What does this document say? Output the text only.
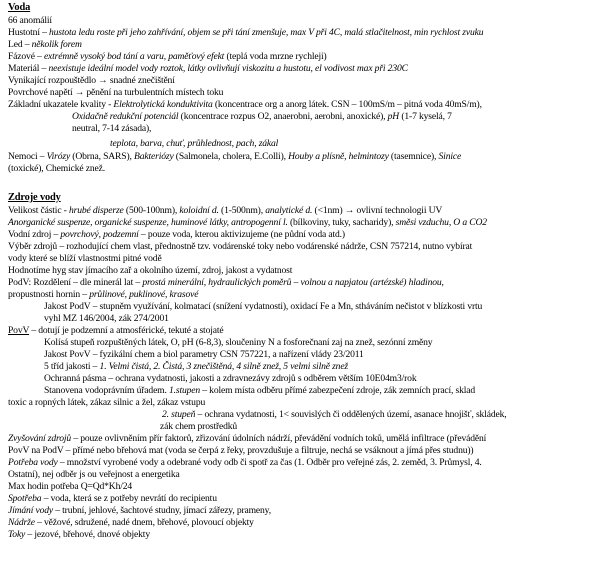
Voda
66 anomálií
Hustotní – hustota ledu roste při jeho zahřívání, objem se při tání zmenšuje, max V při 4C, malá stlačitelnost, min rychlost zvuku
Led – několik forem
Fázové – extrémně vysoký bod tání a varu, paměťový efekt (teplá voda mrzne rychleji)
Materiál – neexistuje ideální model vody roztok, látky ovlivňují viskozitu a hustotu, el vodivost max při 230C
Vynikající rozpouštědlo → snadné znečištění
Povrchové napětí → pěnění na turbulentních místech toku
Základní ukazatele kvality - Elektrolytická konduktivita (koncentrace org a anorg látek. CSN – 100mS/m – pitná voda 40mS/m),
Oxidačně redukční potenciál (koncentrace rozpus O2, anaerobni, aerobni, anoxické), pH (1-7 kyselá, 7
neutral, 7-14 zásada),
teplota, barva, chuť, průhlednost, pach, zákal
Nemoci – Virózy (Obrna, SARS), Bakteriózy (Salmonela, cholera, E.Colli), Houby a plísně, helmintozy (tasemnice), Sinice
(toxické), Chemické znež.
Zdroje vody
Velikost částic - hrubé disperze (500-100nm), koloidní d. (1-500nm), analytické d. (<1nm) → ovlivní technologii UV
Anorganické suspenze, organické suspenze, huminové látky, antropogenní l. (bílkoviny, tuky, sacharidy), směsi vzduchu, O a CO2
Vodní zdroj – povrchový, podzemní – pouze voda, kterou aktivizujeme (ne půdní voda atd.)
Výběr zdrojů – rozhodující chem vlast, přednostně tzv. vodárenské toky nebo vodárenské nádrže, CSN 757214, nutno vybírat
vody které se blíží vlastnostmi pitné vodě
Hodnotíme hyg stav jímacího zař a okolního území, zdroj, jakost a vydatnost
PodV: Rozdělení – dle minerál lat – prostá minerální, hydraulických poměrů – volnou a napjatou (artézské) hladinou,
propustnosti hornin – průlinové, puklinové, krasové
Jakost PodV – stupněm využívání, kolmatací (snížení vydatnosti), oxidací Fe a Mn, stháváním nečistot v blízkosti vrtu
vyhl MZ 146/2004, zák 274/2001
PovV – dotují je podzemní a atmosférické, tekuté a stojaté
Kolísá stupeň rozpuštěných látek, O, pH (6-8,3), sloučeniny N a fosforečnaní zaj na znež, sezónní změny
Jakost PovV – fyzikální chem a biol parametry CSN 757221, a nařízení vlády 23/2011
5 tříd jakosti – 1. Velmi čistá, 2. Čistá, 3 znečištěná, 4 silně znež, 5 velmi silně znež
Ochranná pásma – ochrana vydatnosti, jakosti a zdravnezávy zdrojů s odběrem větším 10E04m3/rok
Stanovena vodoprávním úřadem. 1.stupen – kolem místa odběru přímé zabezpečení zdroje, zák zemních prací, sklad
toxic a ropných látek, zákaz silnic a žel, zákaz vstupu
2. stupeň – ochrana vydatnosti, 1< souvislých či oddělených území, asanace hnojišť, skládek,
zák chem prostředků
Zvyšování zdrojů – pouze ovlivněním přír faktorů, zřizování údolních nádrží, převádění vodních toků, umělá infiltrace (převádění
PovV na PodV – přímé nebo břehová mat (voda se čerpá z řeky, provzdušuje a filtruje, nechá se vsáknout a jímá přes studnu))
Potřeba vody – množství vyrobené vody a odebrané vody odb či spotř za čas (1. Odběr pro veřejné zás, 2. zeměd, 3. Průmysl, 4.
Ostatní), nej odběr js ou veřejnost a energetika
Max hodin potřeba Q=Qd*Kh/24
Spotřeba – voda, která se z potřeby nevrátí do recipientu
Jímání vody – trubní, jehlové, šachtové studny, jímací zářezy, prameny,
Nádrže – věžové, sdružené, nadé dnem, břehové, plovoucí objekty
Toky – jezové, břehové, dnové objekty
